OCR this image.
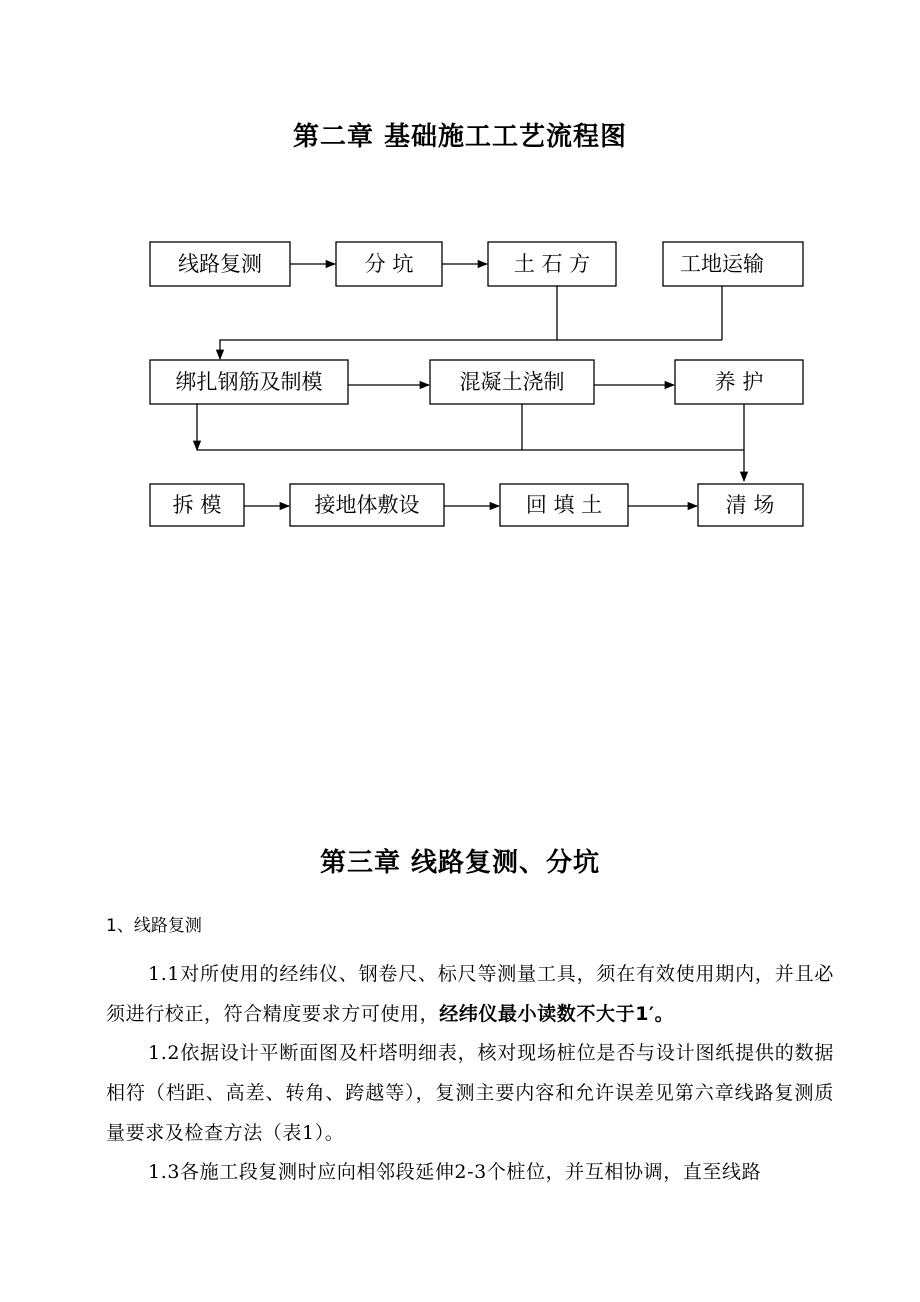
第二章 基础施工工艺流程图
线路复测	分 坑	土 石 方	工地运输
绑扎钢筋及制模	混凝土浇制	养 护
拆 模	接地体敷设	回 填 土	清 场
第三章 线路复测、分坑
1、线路复测

1.1对所使用的经纬仪、钢卷尺、标尺等测量工具，须在有效使用期内，并且必须进行校正，符合精度要求方可使用，经纬仪最小读数不大于1′。

1.2依据设计平断面图及杆塔明细表，核对现场桩位是否与设计图纸提供的数据相符（档距、高差、转角、跨越等），复测主要内容和允许误差见第六章线路复测质量要求及检查方法（表1）。

1.3各施工段复测时应向相邻段延伸2-3个桩位，并互相协调，直至线路
